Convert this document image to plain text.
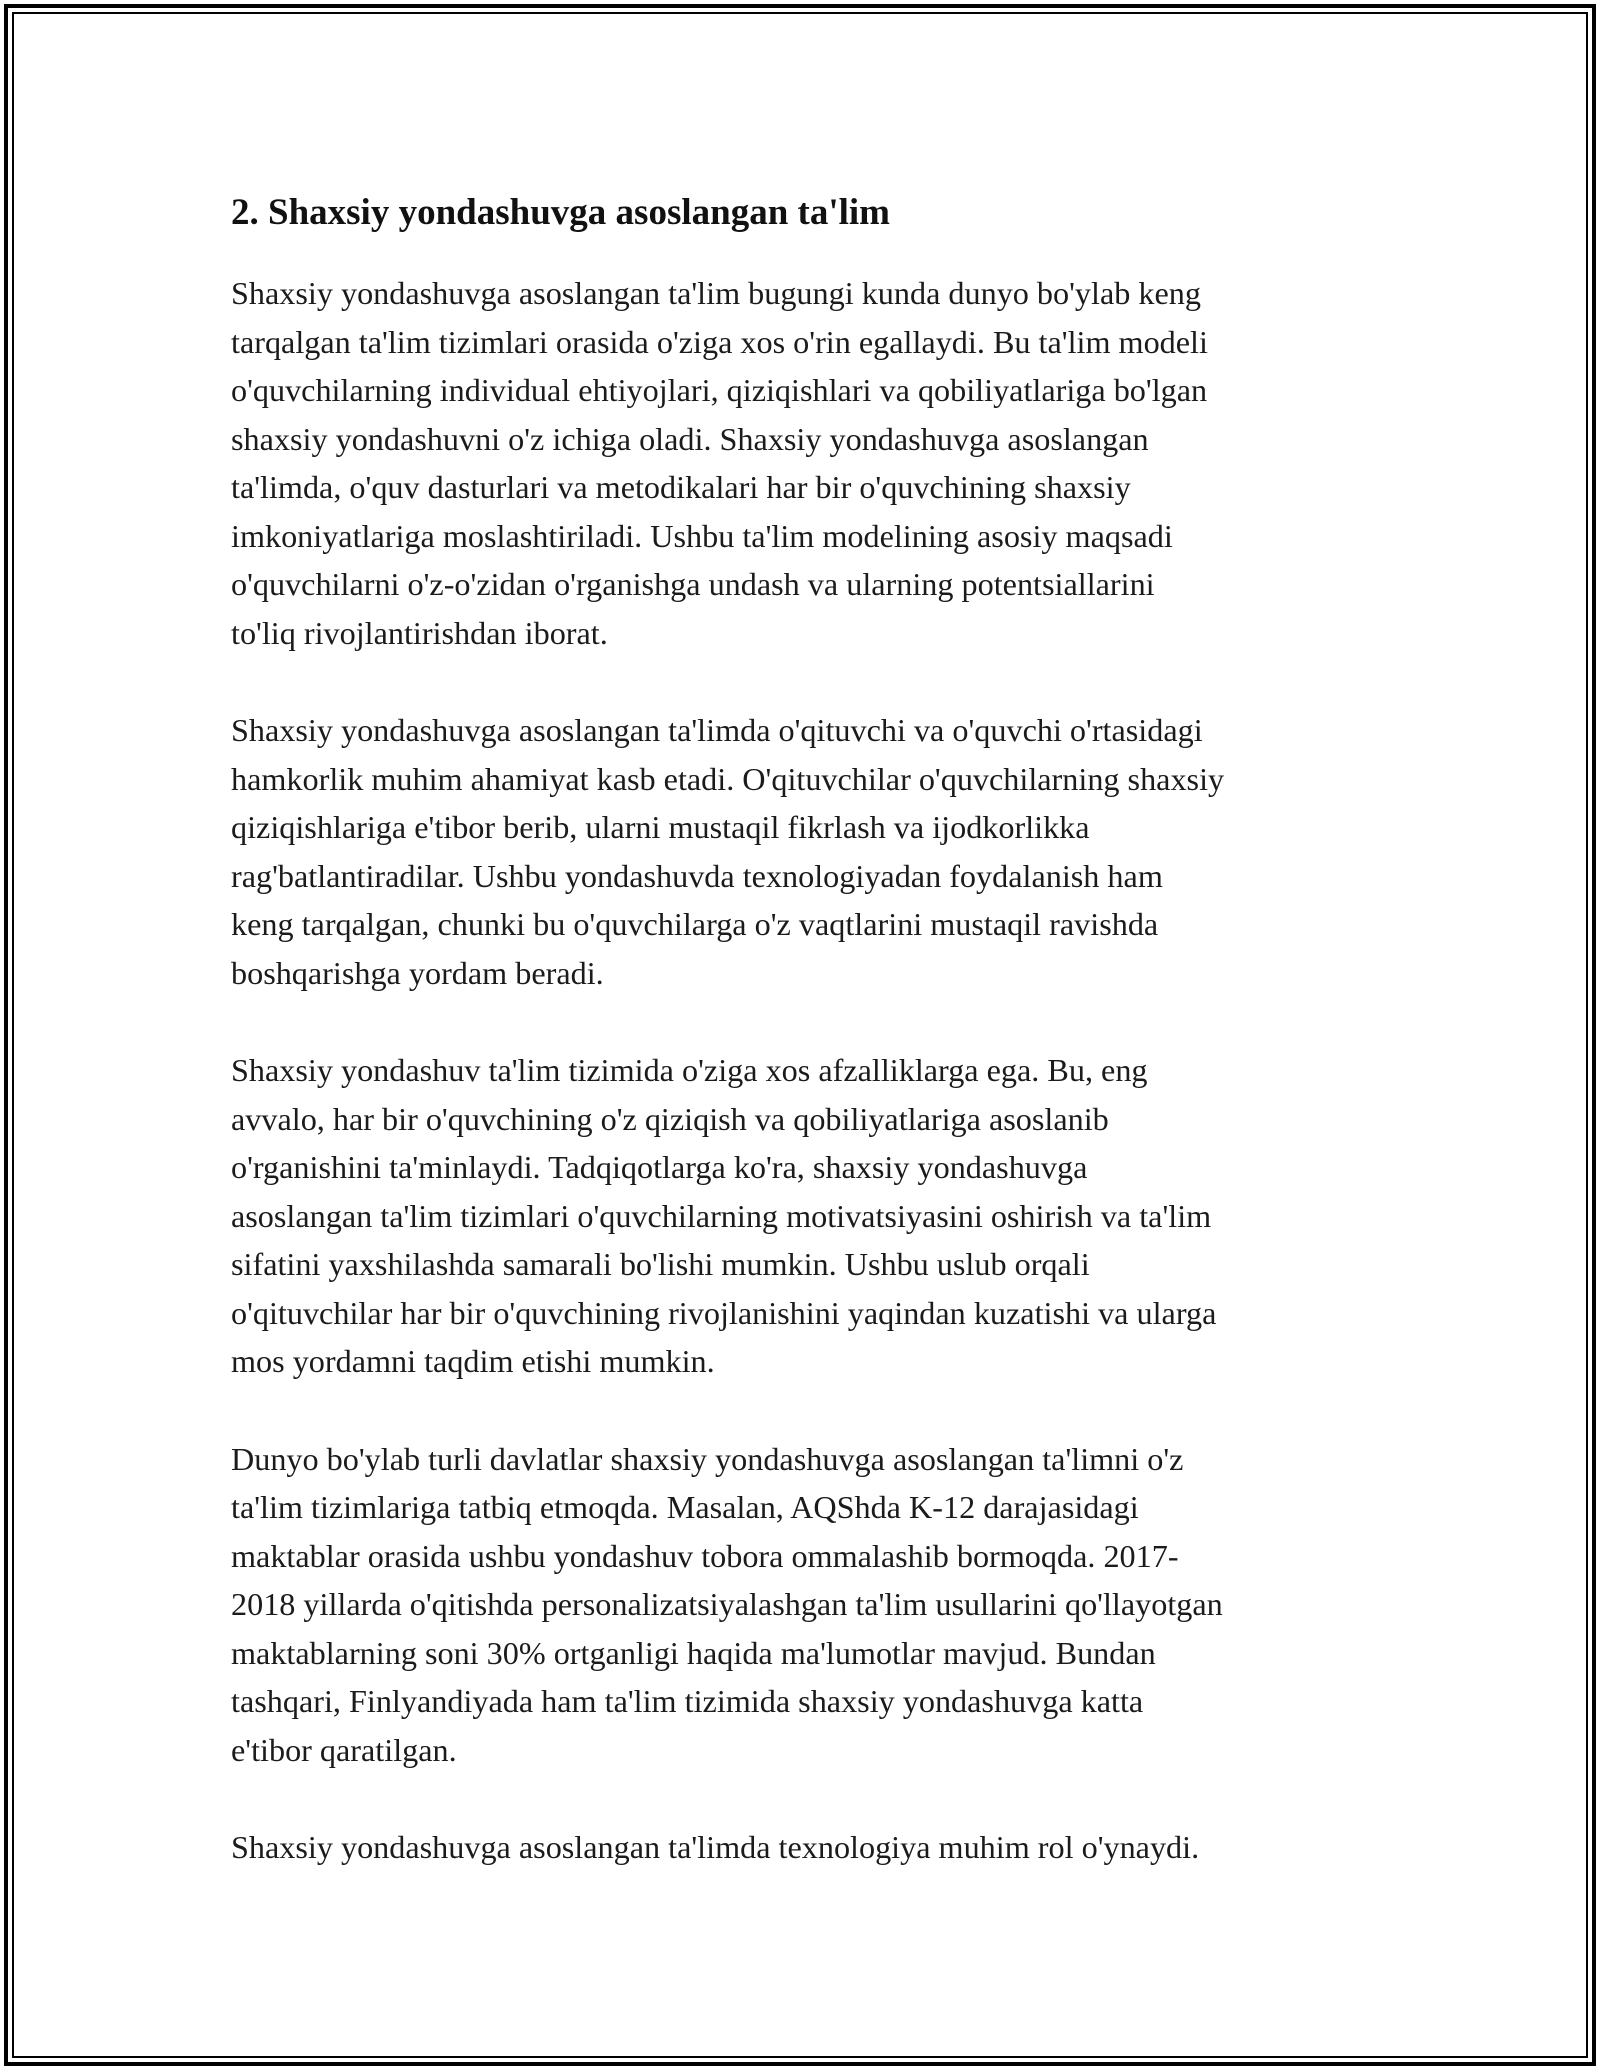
2. Shaxsiy yondashuvga asoslangan ta'lim

Shaxsiy yondashuvga asoslangan ta'lim bugungi kunda dunyo bo'ylab keng
tarqalgan ta'lim tizimlari orasida o'ziga xos o'rin egallaydi. Bu ta'lim modeli
o'quvchilarning individual ehtiyojlari, qiziqishlari va qobiliyatlariga bo'lgan
shaxsiy yondashuvni o'z ichiga oladi. Shaxsiy yondashuvga asoslangan
ta'limda, o'quv dasturlari va metodikalari har bir o'quvchining shaxsiy
imkoniyatlariga moslashtiriladi. Ushbu ta'lim modelining asosiy maqsadi
o'quvchilarni o'z-o'zidan o'rganishga undash va ularning potentsiallarini
to'liq rivojlantirishdan iborat.

Shaxsiy yondashuvga asoslangan ta'limda o'qituvchi va o'quvchi o'rtasidagi
hamkorlik muhim ahamiyat kasb etadi. O'qituvchilar o'quvchilarning shaxsiy
qiziqishlariga e'tibor berib, ularni mustaqil fikrlash va ijodkorlikka
rag'batlantiradilar. Ushbu yondashuvda texnologiyadan foydalanish ham
keng tarqalgan, chunki bu o'quvchilarga o'z vaqtlarini mustaqil ravishda
boshqarishga yordam beradi.

Shaxsiy yondashuv ta'lim tizimida o'ziga xos afzalliklarga ega. Bu, eng
avvalo, har bir o'quvchining o'z qiziqish va qobiliyatlariga asoslanib
o'rganishini ta'minlaydi. Tadqiqotlarga ko'ra, shaxsiy yondashuvga
asoslangan ta'lim tizimlari o'quvchilarning motivatsiyasini oshirish va ta'lim
sifatini yaxshilashda samarali bo'lishi mumkin. Ushbu uslub orqali
o'qituvchilar har bir o'quvchining rivojlanishini yaqindan kuzatishi va ularga
mos yordamni taqdim etishi mumkin.

Dunyo bo'ylab turli davlatlar shaxsiy yondashuvga asoslangan ta'limni o'z
ta'lim tizimlariga tatbiq etmoqda. Masalan, AQShda K-12 darajasidagi
maktablar orasida ushbu yondashuv tobora ommalashib bormoqda. 2017-
2018 yillarda o'qitishda personalizatsiyalashgan ta'lim usullarini qo'llayotgan
maktablarning soni 30% ortganligi haqida ma'lumotlar mavjud. Bundan
tashqari, Finlyandiyada ham ta'lim tizimida shaxsiy yondashuvga katta
e'tibor qaratilgan.

Shaxsiy yondashuvga asoslangan ta'limda texnologiya muhim rol o'ynaydi.
